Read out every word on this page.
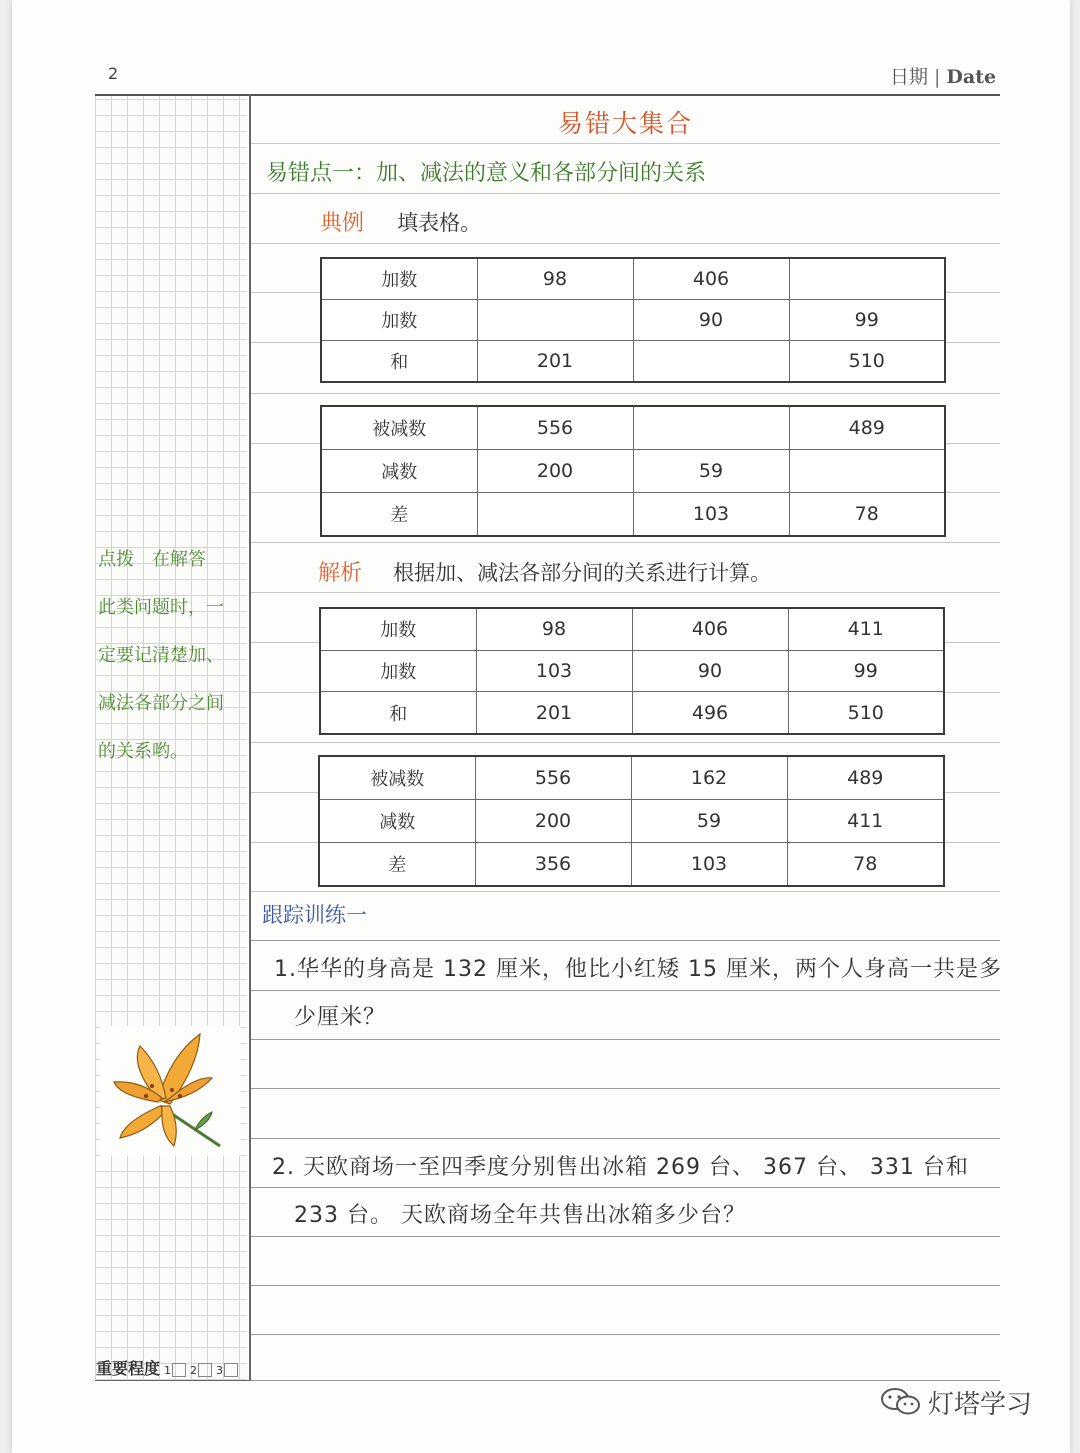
2	日期 | Date
易错大集合
易错点一：加、减法的意义和各部分间的关系
典例 填表格。
加数	98	406	
加数		90	99
和	201		510
被减数	556		489
减数	200	59	
差		103	78
解析 根据加、减法各部分间的关系进行计算。
加数	98	406	411
加数	103	90	99
和	201	496	510
被减数	556	162	489
减数	200	59	411
差	356	103	78
点拨　在解答
此类问题时，一
定要记清楚加、
减法各部分之间
的关系哟。
跟踪训练一
1.华华的身高是 132 厘米，他比小红矮 15 厘米，两个人身高一共是多
少厘米？
2. 天欧商场一至四季度分别售出冰箱 269 台、 367 台、 331 台和
233 台。 天欧商场全年共售出冰箱多少台？
重要程度 1 2 3
灯塔学习
